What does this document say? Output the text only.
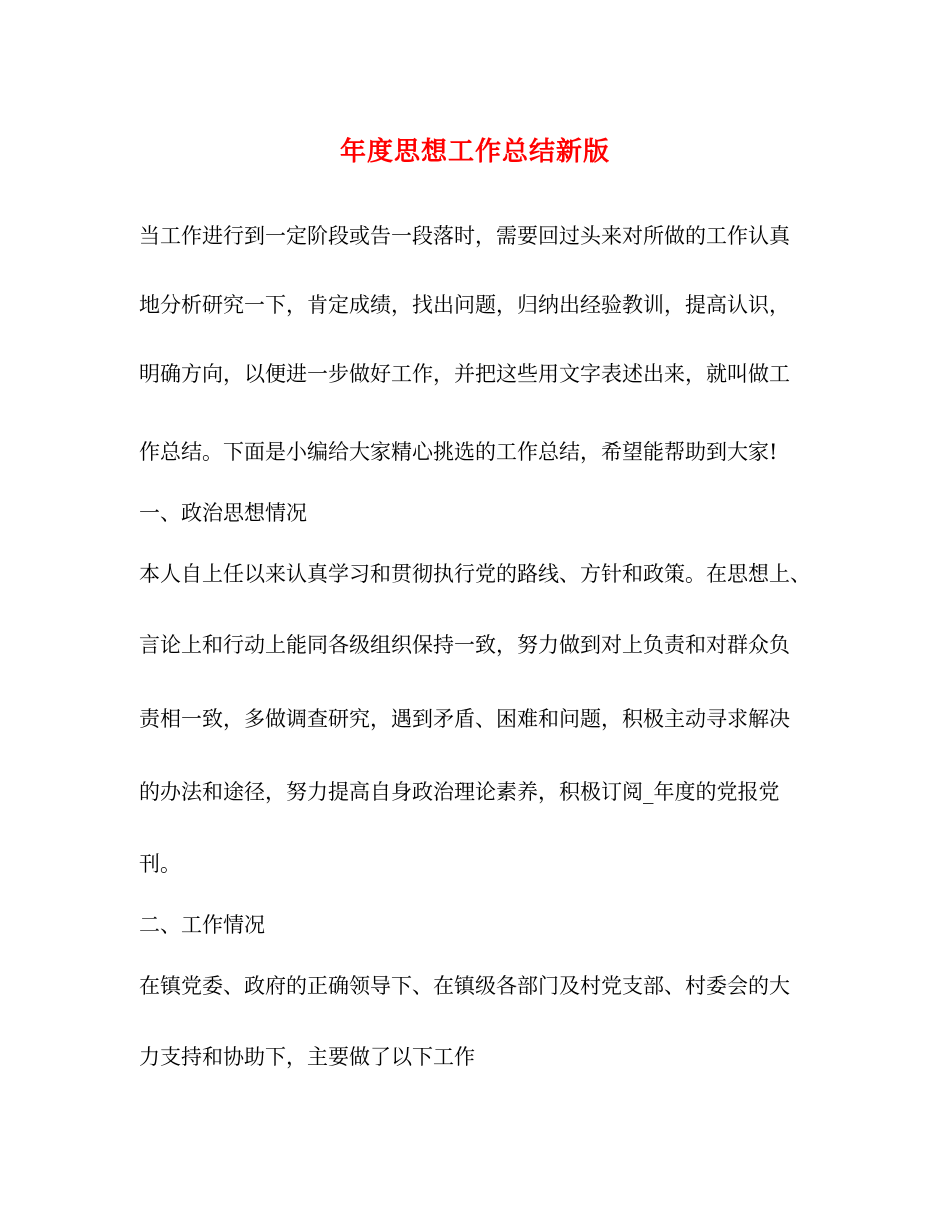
年度思想工作总结新版
当工作进行到一定阶段或告一段落时，需要回过头来对所做的工作认真
地分析研究一下，肯定成绩，找出问题，归纳出经验教训，提高认识，
明确方向，以便进一步做好工作，并把这些用文字表述出来，就叫做工
作总结。下面是小编给大家精心挑选的工作总结，希望能帮助到大家!
一、政治思想情况
本人自上任以来认真学习和贯彻执行党的路线、方针和政策。在思想上、
言论上和行动上能同各级组织保持一致，努力做到对上负责和对群众负
责相一致，多做调查研究，遇到矛盾、困难和问题，积极主动寻求解决
的办法和途径，努力提高自身政治理论素养，积极订阅_年度的党报党
刊。
二、工作情况
在镇党委、政府的正确领导下、在镇级各部门及村党支部、村委会的大
力支持和协助下，主要做了以下工作
